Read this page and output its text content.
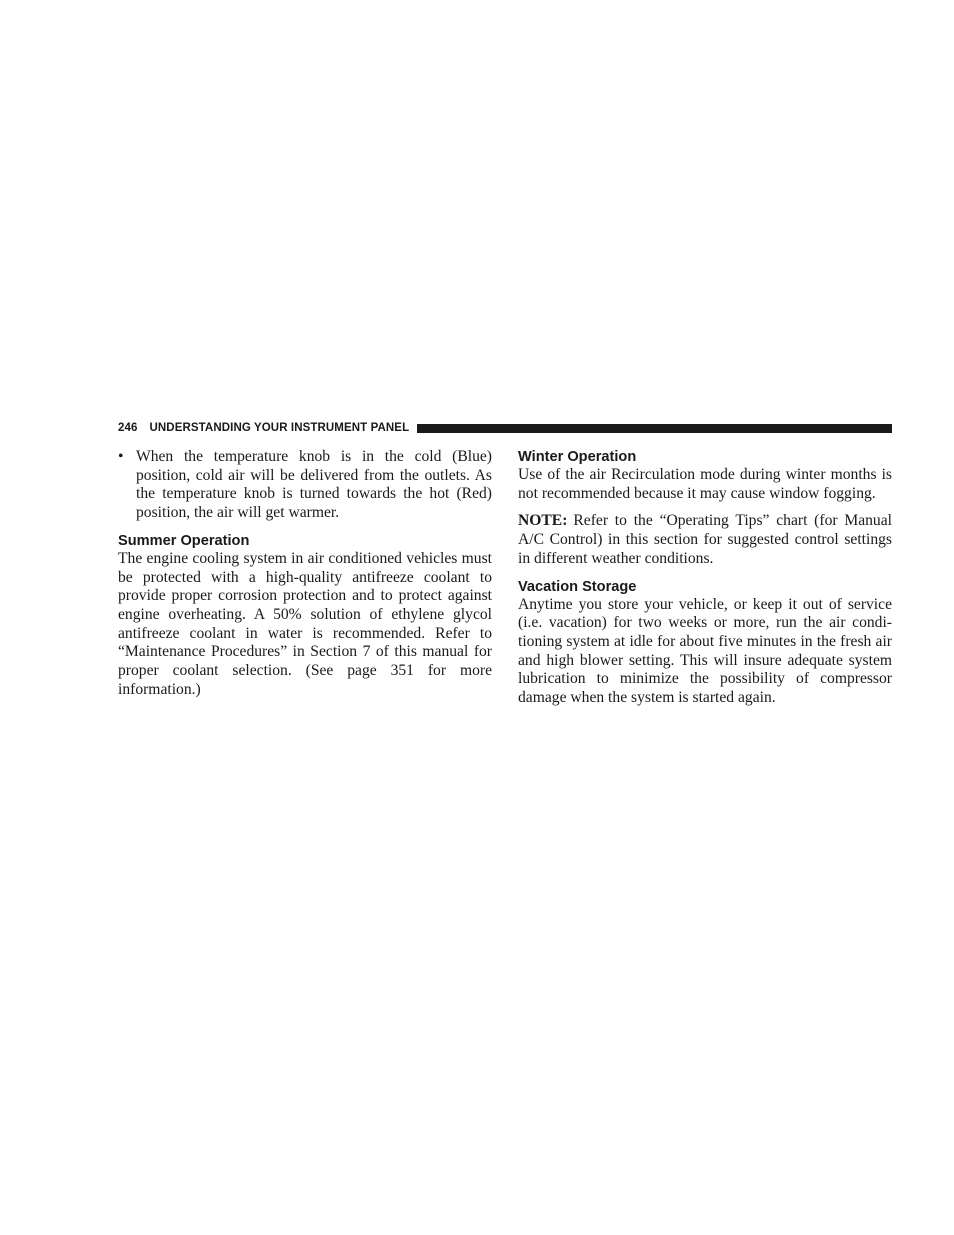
246 UNDERSTANDING YOUR INSTRUMENT PANEL
• When the temperature knob is in the cold (Blue) position, cold air will be delivered from the outlets. As the temperature knob is turned towards the hot (Red) position, the air will get warmer.
Summer Operation

The engine cooling system in air conditioned vehicles must be protected with a high-quality antifreeze coolant to provide proper corrosion protection and to protect against engine overheating. A 50% solution of ethylene glycol antifreeze coolant in water is recommended. Refer to “Maintenance Procedures” in Section 7 of this manual for proper coolant selection. (See page 351 for more information.)

Winter Operation

Use of the air Recirculation mode during winter months is not recommended because it may cause window fogging.

NOTE: Refer to the “Operating Tips” chart (for Manual A/C Control) in this section for suggested control settings in different weather conditions.

Vacation Storage

Anytime you store your vehicle, or keep it out of service (i.e. vacation) for two weeks or more, run the air conditioning system at idle for about five minutes in the fresh air and high blower setting. This will insure adequate system lubrication to minimize the possibility of compressor damage when the system is started again.
